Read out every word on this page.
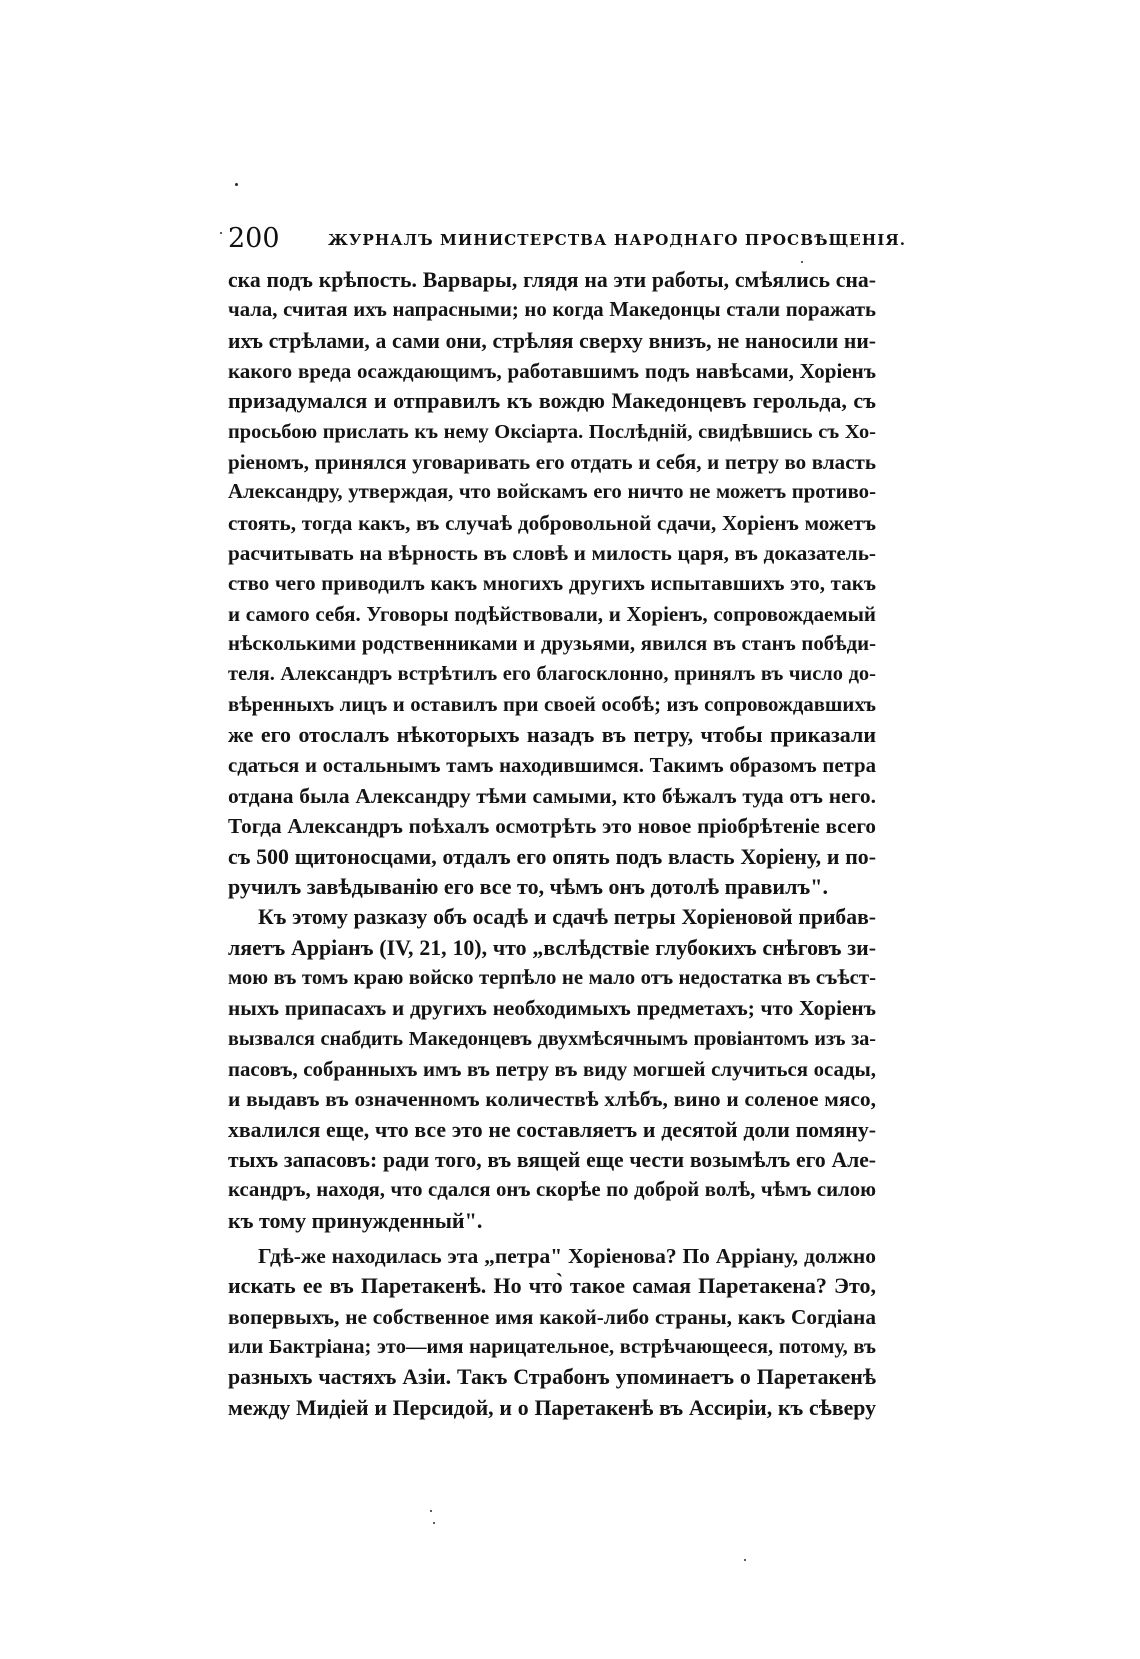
200	ЖУРНАЛЪ МИНИСТЕРСТВА НАРОДНАГО ПРОСВѢЩЕНІЯ.
ска подъ крѣпость. Варвары, глядя на эти работы, смѣялись сна-
чала, считая ихъ напрасными; но когда Македонцы стали поражать
ихъ стрѣлами, а сами они, стрѣляя сверху внизъ, не наносили ни-
какого вреда осаждающимъ, работавшимъ подъ навѣсами, Хоріенъ
призадумался и отправилъ къ вождю Македонцевъ герольда, съ
просьбою прислать къ нему Оксіарта. Послѣдній, свидѣвшись съ Хо-
ріеномъ, принялся уговаривать его отдать и себя, и петру во власть
Александру, утверждая, что войскамъ его ничто не можетъ противо-
стоять, тогда какъ, въ случаѣ добровольной сдачи, Хоріенъ можетъ
расчитывать на вѣрность въ словѣ и милость царя, въ доказатель-
ство чего приводилъ какъ многихъ другихъ испытавшихъ это, такъ
и самого себя. Уговоры подѣйствовали, и Хоріенъ, сопровождаемый
нѣсколькими родственниками и друзьями, явился въ станъ побѣди-
теля. Александръ встрѣтилъ его благосклонно, принялъ въ число до-
вѣренныхъ лицъ и оставилъ при своей особѣ; изъ сопровождавшихъ
же его отослалъ нѣкоторыхъ назадъ въ петру, чтобы приказали
сдаться и остальнымъ тамъ находившимся. Такимъ образомъ петра
отдана была Александру тѣми самыми, кто бѣжалъ туда отъ него.
Тогда Александръ поѣхалъ осмотрѣть это новое пріобрѣтеніе всего
съ 500 щитоносцами, отдалъ его опять подъ власть Хоріену, и по-
ручилъ завѣдыванію его все то, чѣмъ онъ дотолѣ правилъ".
Къ этому разказу объ осадѣ и сдачѣ петры Хоріеновой прибав-
ляетъ Арріанъ (IV, 21, 10), что „вслѣдствіе глубокихъ снѣговъ зи-
мою въ томъ краю войско терпѣло не мало отъ недостатка въ съѣст-
ныхъ припасахъ и другихъ необходимыхъ предметахъ; что Хоріенъ
вызвался снабдить Македонцевъ двухмѣсячнымъ провіантомъ изъ за-
пасовъ, собранныхъ имъ въ петру въ виду могшей случиться осады,
и выдавъ въ означенномъ количествѣ хлѣбъ, вино и соленое мясо,
хвалился еще, что все это не составляетъ и десятой доли помяну-
тыхъ запасовъ: ради того, въ вящей еще чести возымѣлъ его Але-
ксандръ, находя, что сдался онъ скорѣе по доброй волѣ, чѣмъ силою
къ тому принужденный".
Гдѣ-же находилась эта „петра" Хоріенова? По Арріану, должно
искать ее въ Паретакенѣ. Но что̀ такое самая Паретакена? Это,
вопервыхъ, не собственное имя какой-либо страны, какъ Согдіана
или Бактріана; это—имя нарицательное, встрѣчающееся, потому, въ
разныхъ частяхъ Азіи. Такъ Страбонъ упоминаетъ о Паретакенѣ
между Мидіей и Персидой, и о Паретакенѣ въ Ассиріи, къ сѣверу
